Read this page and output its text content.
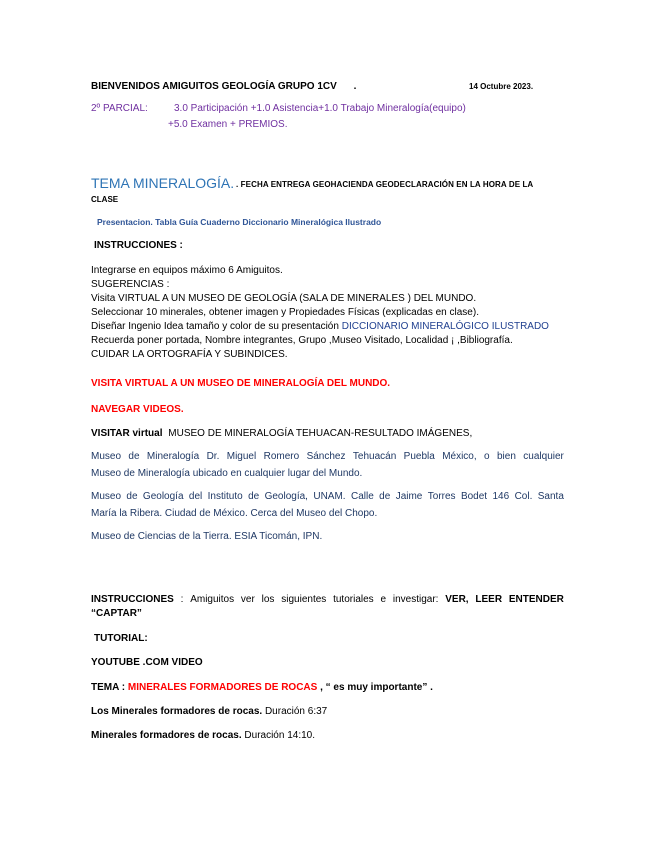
BIENVENIDOS AMIGUITOS GEOLOGÍA GRUPO 1CV .	14 Octubre 2023.
2º PARCIAL:	3.0 Participación +1.0 Asistencia+1.0 Trabajo Mineralogía(equipo)
+5.0 Examen + PREMIOS.
TEMA MINERALOGÍA. . FECHA ENTREGA GEOHACIENDA GEODECLARACIÓN EN LA HORA DE LA
CLASE
Presentacion. Tabla Guía Cuaderno Diccionario Mineralógica Ilustrado
INSTRUCCIONES :
Integrarse en equipos máximo 6 Amiguitos.
SUGERENCIAS :
Visita VIRTUAL A UN MUSEO DE GEOLOGÍA (SALA DE MINERALES ) DEL MUNDO.
Seleccionar 10 minerales, obtener imagen y Propiedades Físicas (explicadas en clase).
Diseñar Ingenio Idea tamaño y color de su presentación DICCIONARIO MINERALÓGICO ILUSTRADO
Recuerda poner portada, Nombre integrantes, Grupo ,Museo Visitado, Localidad ¡ ,Bibliografía.
CUIDAR LA ORTOGRAFÍA Y SUBINDICES.
VISITA VIRTUAL A UN MUSEO DE MINERALOGÍA DEL MUNDO.
NAVEGAR VIDEOS.
VISITAR virtual MUSEO DE MINERALOGÍA TEHUACAN-RESULTADO IMÁGENES,
Museo de Mineralogía Dr. Miguel Romero Sánchez Tehuacán Puebla México, o bien cualquier
Museo de Mineralogía ubicado en cualquier lugar del Mundo.
Museo de Geología del Instituto de Geología, UNAM. Calle de Jaime Torres Bodet 146 Col. Santa
María la Ribera. Ciudad de México. Cerca del Museo del Chopo.
Museo de Ciencias de la Tierra. ESIA Ticomán, IPN.
INSTRUCCIONES : Amiguitos ver los siguientes tutoriales e investigar: VER, LEER ENTENDER
“CAPTAR”
TUTORIAL:
YOUTUBE .COM VIDEO
TEMA : MINERALES FORMADORES DE ROCAS , “ es muy importante” .
Los Minerales formadores de rocas. Duración 6:37
Minerales formadores de rocas. Duración 14:10.
